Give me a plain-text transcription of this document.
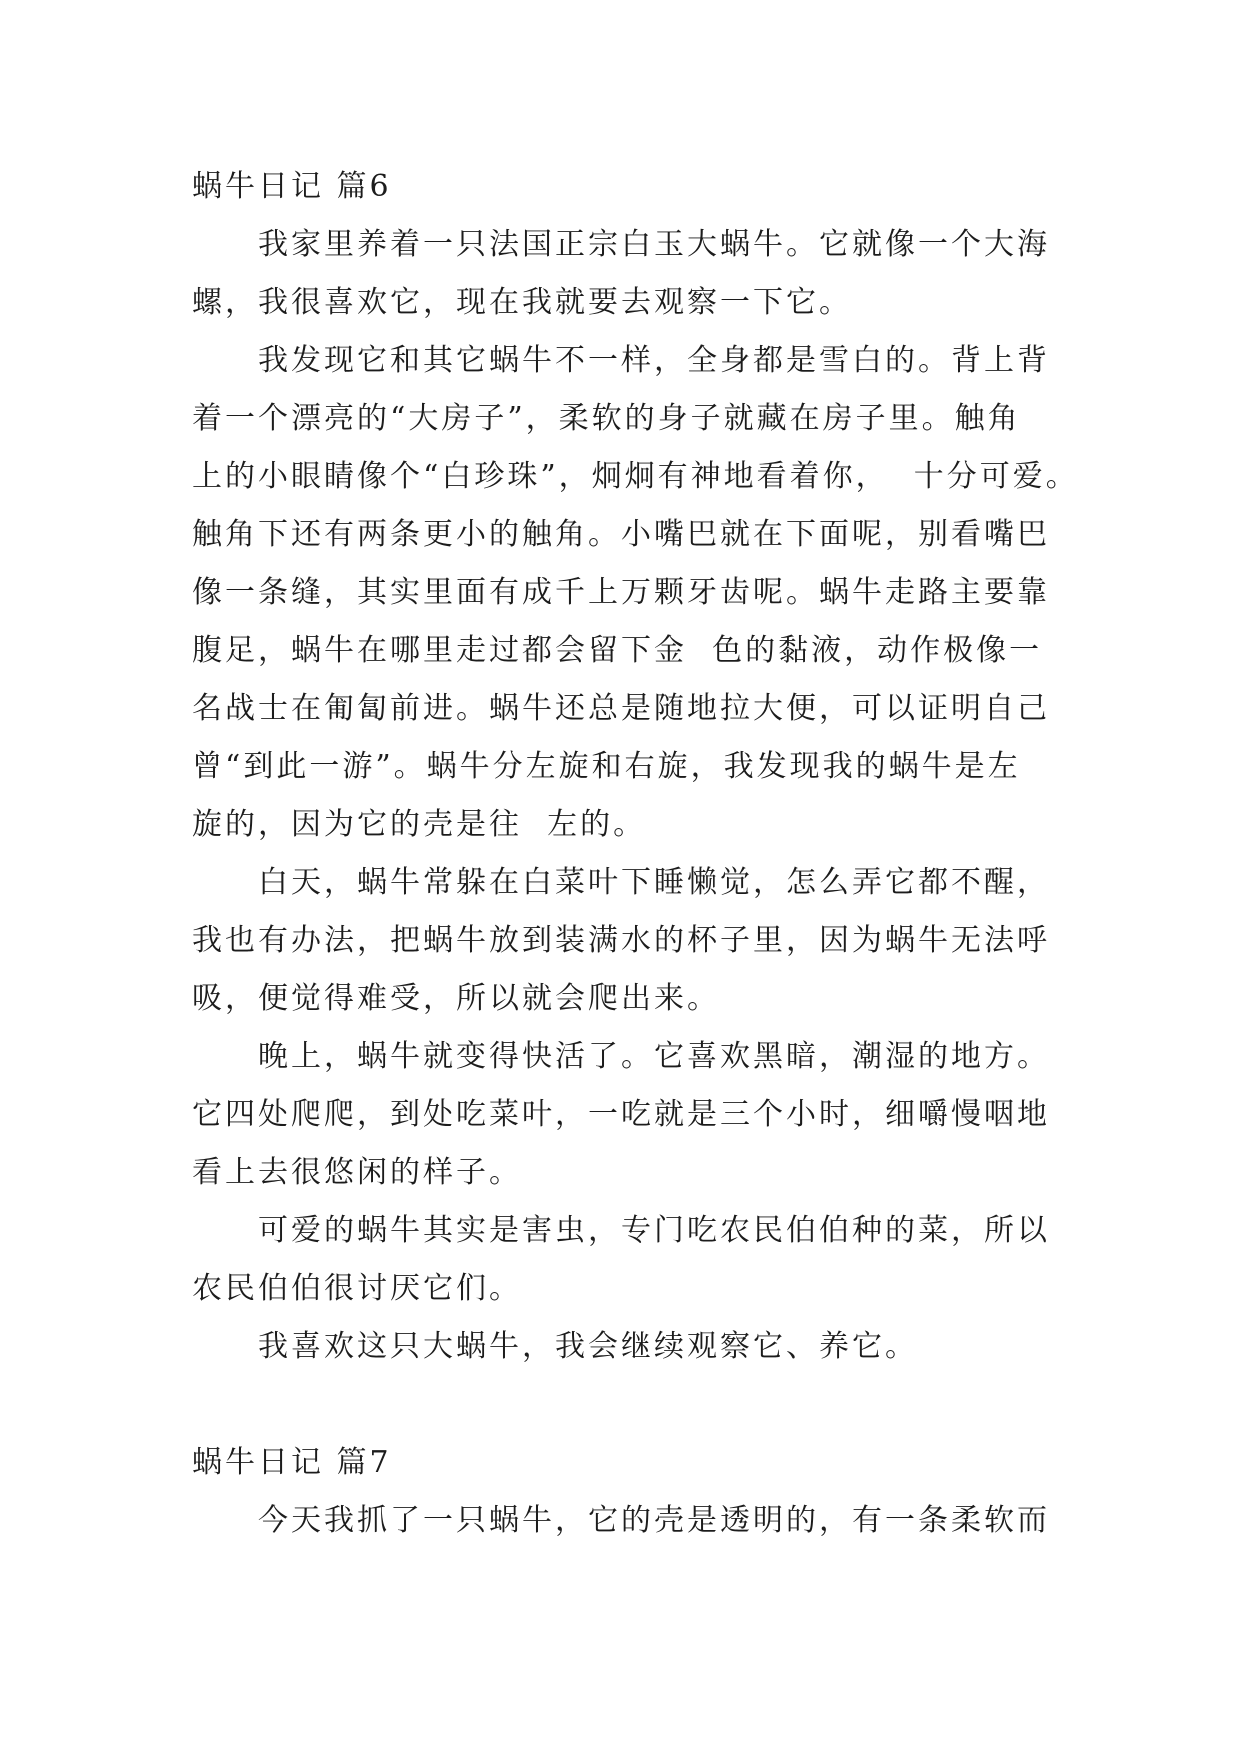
蜗牛日记 篇6
我家里养着一只法国正宗白玉大蜗牛。它就像一个大海
螺，我很喜欢它，现在我就要去观察一下它。
我发现它和其它蜗牛不一样，全身都是雪白的。背上背
着一个漂亮的“大房子”，柔软的身子就藏在房子里。触角
上的小眼睛像个“白珍珠”，炯炯有神地看着你，  十分可爱。
触角下还有两条更小的触角。小嘴巴就在下面呢，别看嘴巴
像一条缝，其实里面有成千上万颗牙齿呢。蜗牛走路主要靠
腹足，蜗牛在哪里走过都会留下金  色的黏液，动作极像一
名战士在匍匐前进。蜗牛还总是随地拉大便，可以证明自己
曾“到此一游”。蜗牛分左旋和右旋，我发现我的蜗牛是左
旋的，因为它的壳是往  左的。
白天，蜗牛常躲在白菜叶下睡懒觉，怎么弄它都不醒，
我也有办法，把蜗牛放到装满水的杯子里，因为蜗牛无法呼
吸，便觉得难受，所以就会爬出来。
晚上，蜗牛就变得快活了。它喜欢黑暗，潮湿的地方。
它四处爬爬，到处吃菜叶，一吃就是三个小时，细嚼慢咽地
看上去很悠闲的样子。
可爱的蜗牛其实是害虫，专门吃农民伯伯种的菜，所以
农民伯伯很讨厌它们。
我喜欢这只大蜗牛，我会继续观察它、养它。
蜗牛日记 篇7
今天我抓了一只蜗牛，它的壳是透明的，有一条柔软而
